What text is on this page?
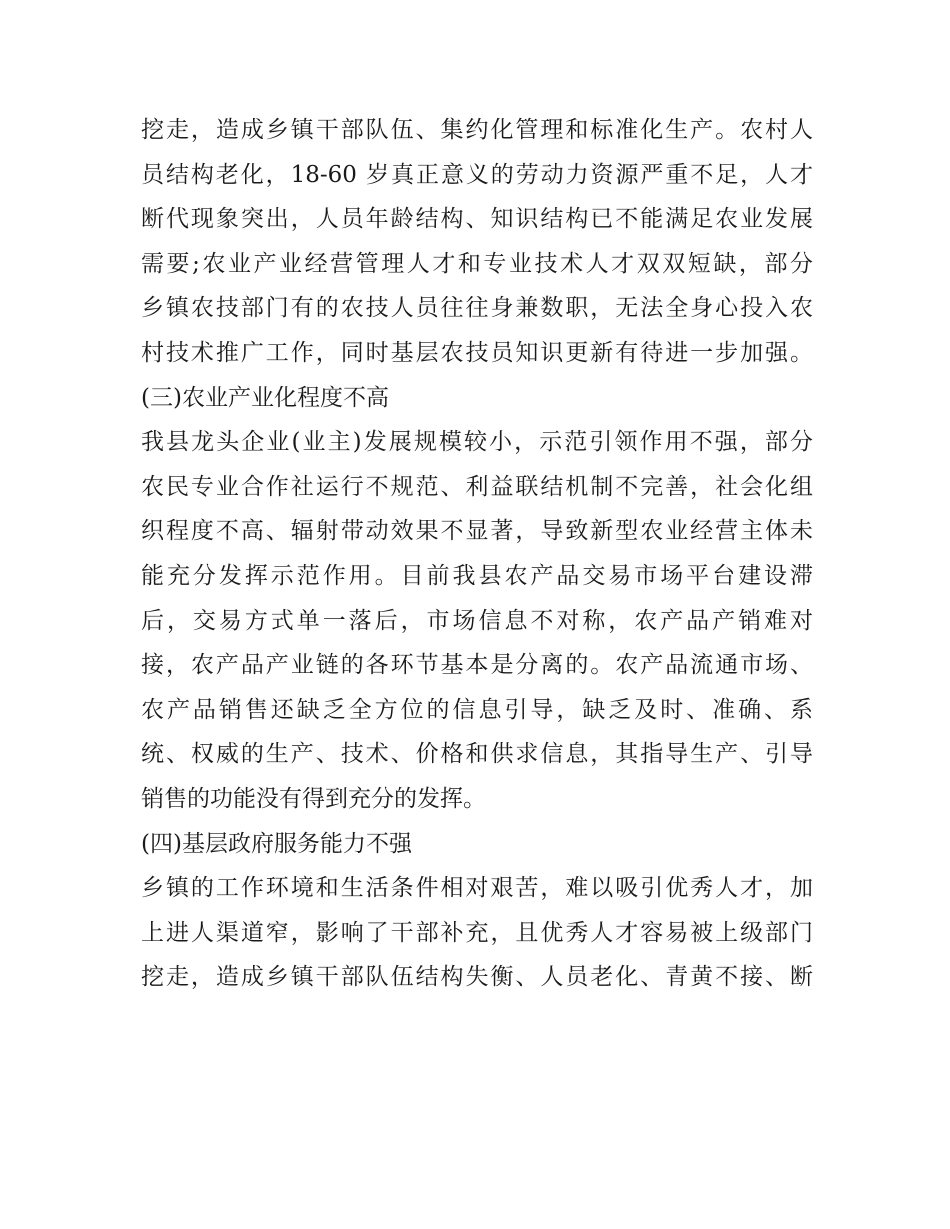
挖走，造成乡镇干部队伍、集约化管理和标准化生产。农村人
员结构老化，18-60 岁真正意义的劳动力资源严重不足，人才
断代现象突出，人员年龄结构、知识结构已不能满足农业发展
需要;农业产业经营管理人才和专业技术人才双双短缺，部分
乡镇农技部门有的农技人员往往身兼数职，无法全身心投入农
村技术推广工作，同时基层农技员知识更新有待进一步加强。
(三)农业产业化程度不高
我县龙头企业(业主)发展规模较小，示范引领作用不强，部分
农民专业合作社运行不规范、利益联结机制不完善，社会化组
织程度不高、辐射带动效果不显著，导致新型农业经营主体未
能充分发挥示范作用。目前我县农产品交易市场平台建设滞
后，交易方式单一落后，市场信息不对称，农产品产销难对
接，农产品产业链的各环节基本是分离的。农产品流通市场、
农产品销售还缺乏全方位的信息引导，缺乏及时、准确、系
统、权威的生产、技术、价格和供求信息，其指导生产、引导
销售的功能没有得到充分的发挥。
(四)基层政府服务能力不强
乡镇的工作环境和生活条件相对艰苦，难以吸引优秀人才，加
上进人渠道窄，影响了干部补充，且优秀人才容易被上级部门
挖走，造成乡镇干部队伍结构失衡、人员老化、青黄不接、断
